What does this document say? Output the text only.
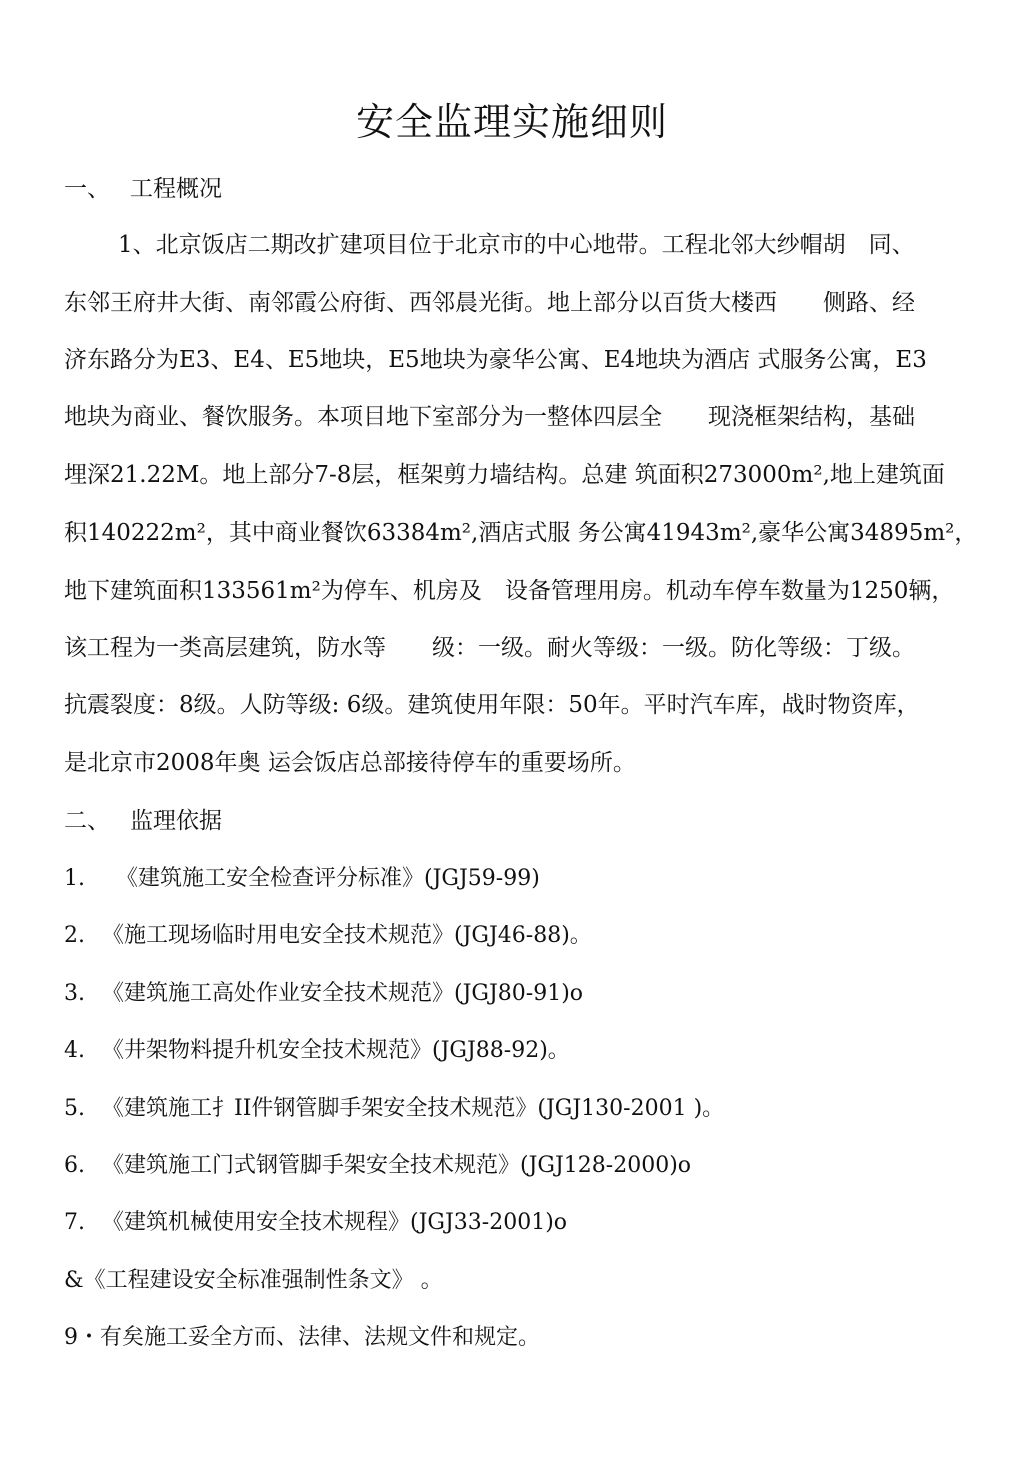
安全监理实施细则
一、 工程概况
1、北京饭店二期改扩建项目位于北京市的中心地带。工程北邻大纱帽胡　同、
东邻王府井大街、南邻霞公府街、西邻晨光街。地上部分以百货大楼西　　侧路、经
济东路分为E3、E4、E5地块，E5地块为豪华公寓、E4地块为酒店 式服务公寓，E3
地块为商业、餐饮服务。本项目地下室部分为一整体四层全　　现浇框架结构，基础
埋深21.22M。地上部分7-8层，框架剪力墙结构。总建 筑面积273000m²,地上建筑面
积140222m²，其中商业餐饮63384m²,酒店式服 务公寓41943m²,豪华公寓34895m²，
地下建筑面积133561m²为停车、机房及　设备管理用房。机动车停车数量为1250辆，
该工程为一类高层建筑，防水等　　级：一级。耐火等级：一级。防化等级：丁级。
抗震裂度：8级。人防等级: 6级。建筑使用年限：50年。平时汽车库，战时物资库，
是北京市2008年奥 运会饭店总部接待停车的重要场所。
二、 监理依据
1. 《建筑施工安全检查评分标准》(JGJ59-99)
2. 《施工现场临时用电安全技术规范》(JGJ46-88)。
3. 《建筑施工高处作业安全技术规范》(JGJ80-91)o
4. 《井架物料提升机安全技术规范》(JGJ88-92)。
5. 《建筑施工扌II件钢管脚手架安全技术规范》(JGJ130-2001 )。
6. 《建筑施工门式钢管脚手架安全技术规范》(JGJ128-2000)o
7. 《建筑机械使用安全技术规程》(JGJ33-2001)o
&《工程建设安全标准强制性条文》 。
9・有矣施工妥全方而、法律、法规文件和规定。
